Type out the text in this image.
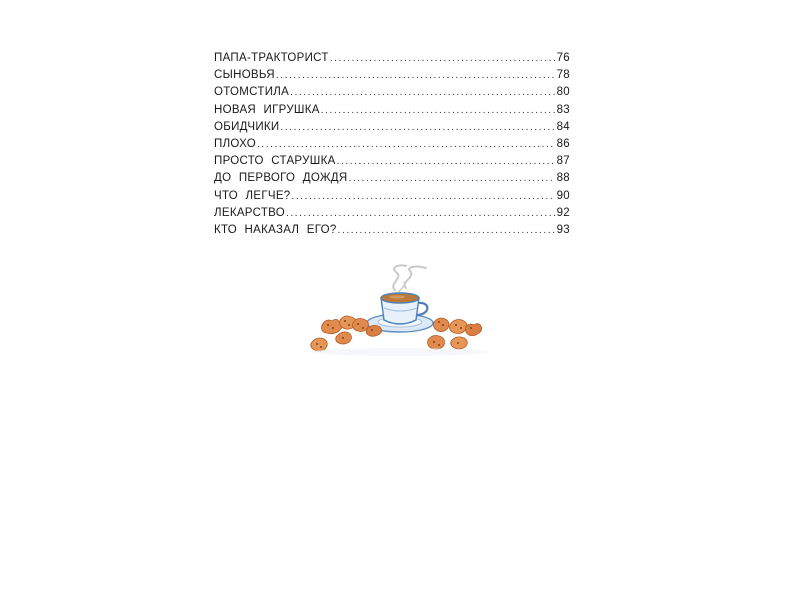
ПАПА-ТРАКТОРИСТ .....	76
СЫНОВЬЯ .....	78
ОТОМСТИЛА .....	80
НОВАЯ ИГРУШКА .....	83
ОБИДЧИКИ .....	84
ПЛОХО .....	86
ПРОСТО СТАРУШКА .....	87
ДО ПЕРВОГО ДОЖДЯ .....	88
ЧТО ЛЕГЧЕ? .....	90
ЛЕКАРСТВО .....	92
КТО НАКАЗАЛ ЕГО? .....	93
